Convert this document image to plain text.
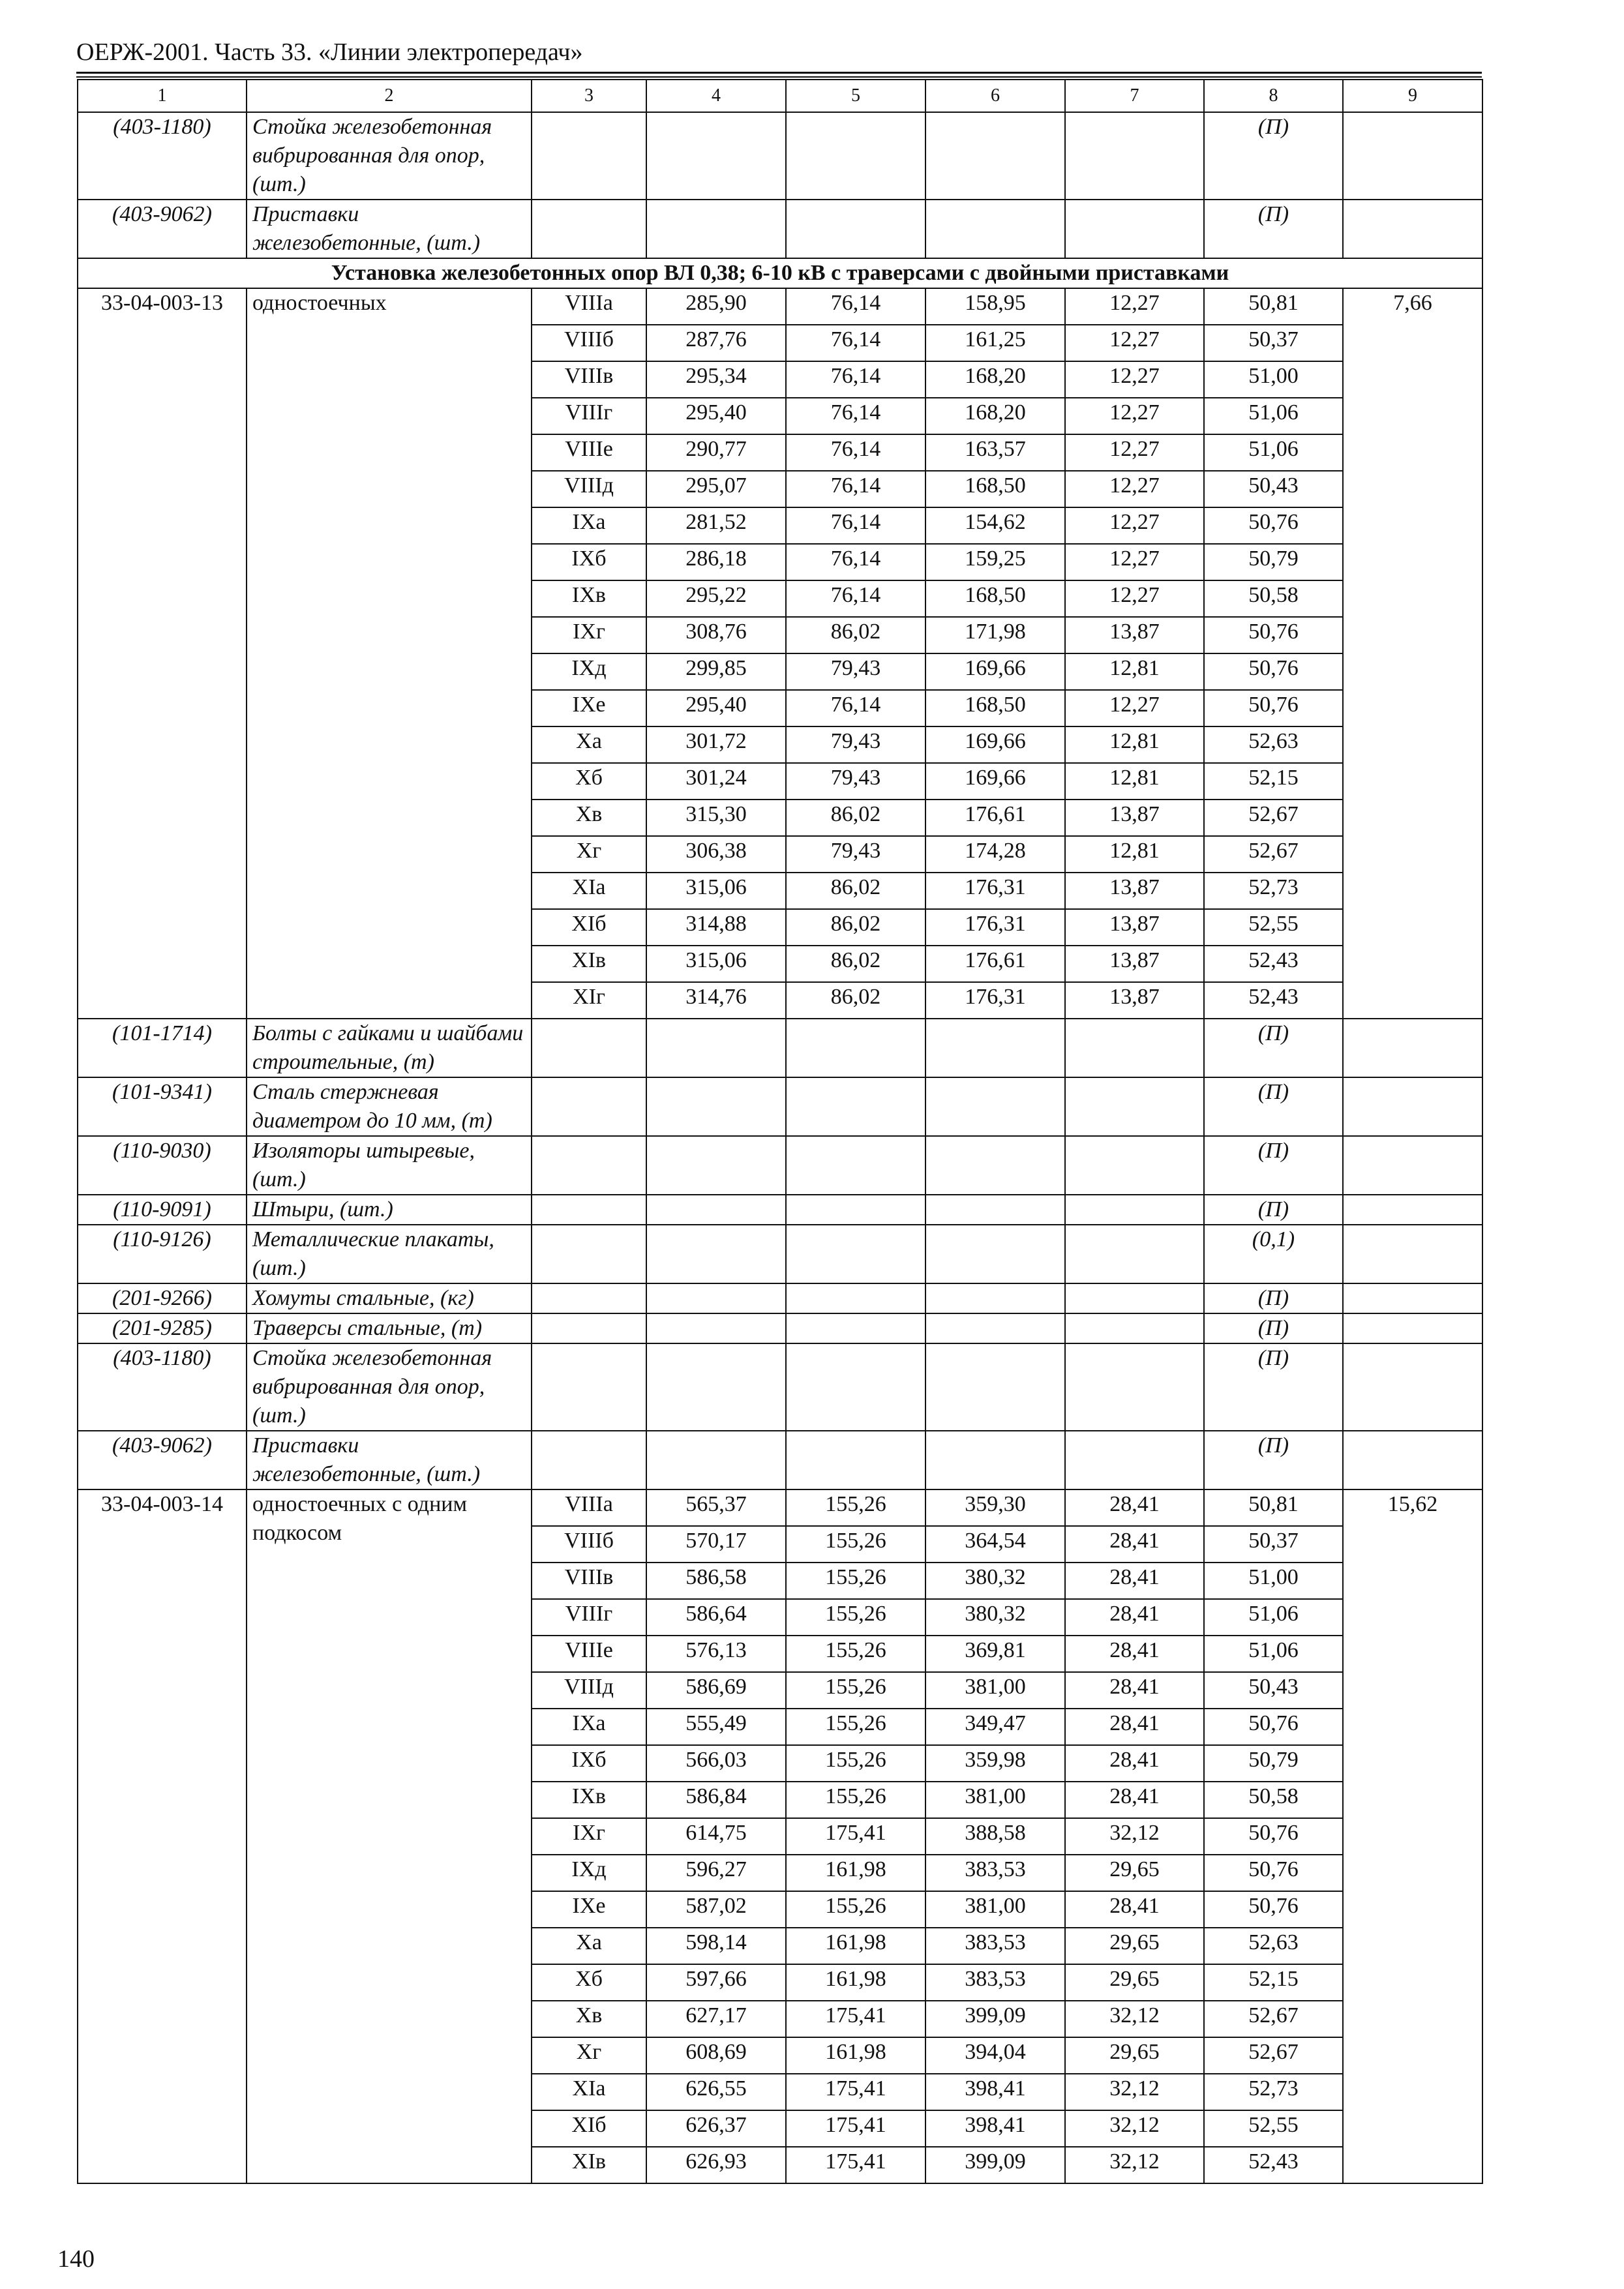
ОЕРЖ-2001. Часть 33. «Линии электропередач»
1	2	3	4	5	6	7	8	9
(403-1180)	Стойка железобетонная вибрированная для опор, (шт.)						(П)	
(403-9062)	Приставки железобетонные, (шт.)						(П)	
Установка железобетонных опор ВЛ 0,38; 6-10 кВ с траверсами с двойными приставками								
33-04-003-13	одностоечных	VIIIa	285,90	76,14	158,95	12,27	50,81	7,66
		VIIIб	287,76	76,14	161,25	12,27	50,37	
		VIIIв	295,34	76,14	168,20	12,27	51,00	
		VIIIг	295,40	76,14	168,20	12,27	51,06	
		VIIIе	290,77	76,14	163,57	12,27	51,06	
		VIIIд	295,07	76,14	168,50	12,27	50,43	
		IXa	281,52	76,14	154,62	12,27	50,76	
		IXб	286,18	76,14	159,25	12,27	50,79	
		IXв	295,22	76,14	168,50	12,27	50,58	
		IXг	308,76	86,02	171,98	13,87	50,76	
		IXд	299,85	79,43	169,66	12,81	50,76	
		IXе	295,40	76,14	168,50	12,27	50,76	
		Xa	301,72	79,43	169,66	12,81	52,63	
		Xб	301,24	79,43	169,66	12,81	52,15	
		Xв	315,30	86,02	176,61	13,87	52,67	
		Xг	306,38	79,43	174,28	12,81	52,67	
		XIa	315,06	86,02	176,31	13,87	52,73	
		XIб	314,88	86,02	176,31	13,87	52,55	
		XIв	315,06	86,02	176,61	13,87	52,43	
		XIг	314,76	86,02	176,31	13,87	52,43	
(101-1714)	Болты с гайками и шайбами строительные, (т)						(П)	
(101-9341)	Сталь стержневая диаметром до 10 мм, (т)						(П)	
(110-9030)	Изоляторы штыревые, (шт.)						(П)	
(110-9091)	Штыри, (шт.)						(П)	
(110-9126)	Металлические плакаты, (шт.)						(0,1)	
(201-9266)	Хомуты стальные, (кг)						(П)	
(201-9285)	Траверсы стальные, (т)						(П)	
(403-1180)	Стойка железобетонная вибрированная для опор, (шт.)						(П)	
(403-9062)	Приставки железобетонные, (шт.)						(П)	
33-04-003-14	одностоечных с одним подкосом	VIIIa	565,37	155,26	359,30	28,41	50,81	15,62
		VIIIб	570,17	155,26	364,54	28,41	50,37	
		VIIIв	586,58	155,26	380,32	28,41	51,00	
		VIIIг	586,64	155,26	380,32	28,41	51,06	
		VIIIе	576,13	155,26	369,81	28,41	51,06	
		VIIIд	586,69	155,26	381,00	28,41	50,43	
		IXa	555,49	155,26	349,47	28,41	50,76	
		IXб	566,03	155,26	359,98	28,41	50,79	
		IXв	586,84	155,26	381,00	28,41	50,58	
		IXг	614,75	175,41	388,58	32,12	50,76	
		IXд	596,27	161,98	383,53	29,65	50,76	
		IXе	587,02	155,26	381,00	28,41	50,76	
		Xa	598,14	161,98	383,53	29,65	52,63	
		Xб	597,66	161,98	383,53	29,65	52,15	
		Xв	627,17	175,41	399,09	32,12	52,67	
		Xг	608,69	161,98	394,04	29,65	52,67	
		XIa	626,55	175,41	398,41	32,12	52,73	
		XIб	626,37	175,41	398,41	32,12	52,55	
		XIв	626,93	175,41	399,09	32,12	52,43	
140
